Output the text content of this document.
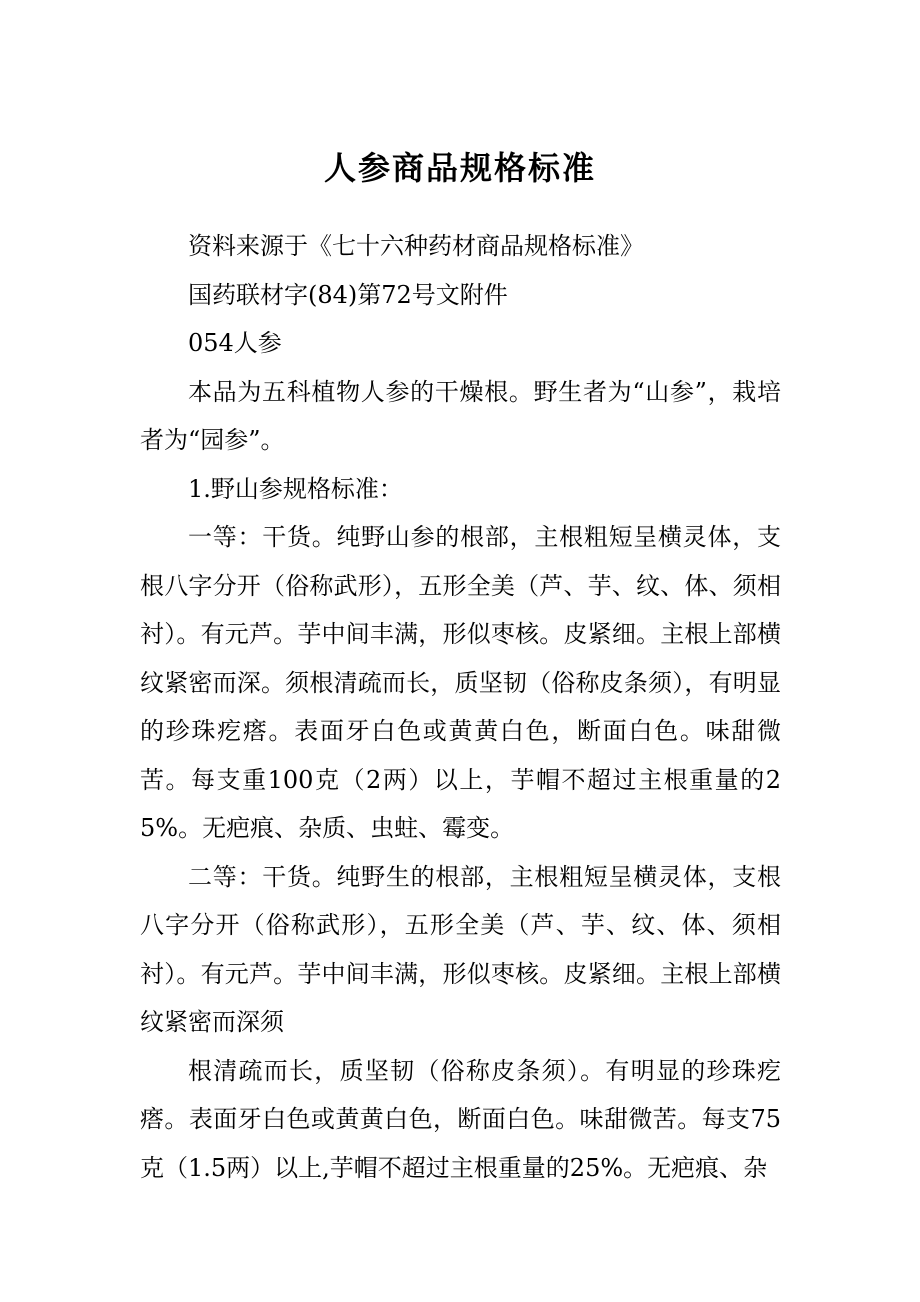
人参商品规格标准

资料来源于《七十六种药材商品规格标准》

国药联材字(84)第72号文附件

054人参

本品为五科植物人参的干燥根。野生者为“山参”，栽培者为“园参”。

1.野山参规格标准：

一等：干货。纯野山参的根部，主根粗短呈横灵体，支根八字分开（俗称武形），五形全美（芦、芋、纹、体、须相衬）。有元芦。芋中间丰满，形似枣核。皮紧细。主根上部横纹紧密而深。须根清疏而长，质坚韧（俗称皮条须），有明显的珍珠疙瘩。表面牙白色或黄黄白色，断面白色。味甜微苦。每支重100克（2两）以上，芋帽不超过主根重量的25%。无疤痕、杂质、虫蛀、霉变。

二等：干货。纯野生的根部，主根粗短呈横灵体，支根八字分开（俗称武形），五形全美（芦、芋、纹、体、须相衬）。有元芦。芋中间丰满，形似枣核。皮紧细。主根上部横纹紧密而深须

根清疏而长，质坚韧（俗称皮条须）。有明显的珍珠疙瘩。表面牙白色或黄黄白色，断面白色。味甜微苦。每支75克（1.5两）以上,芋帽不超过主根重量的25%。无疤痕、杂
